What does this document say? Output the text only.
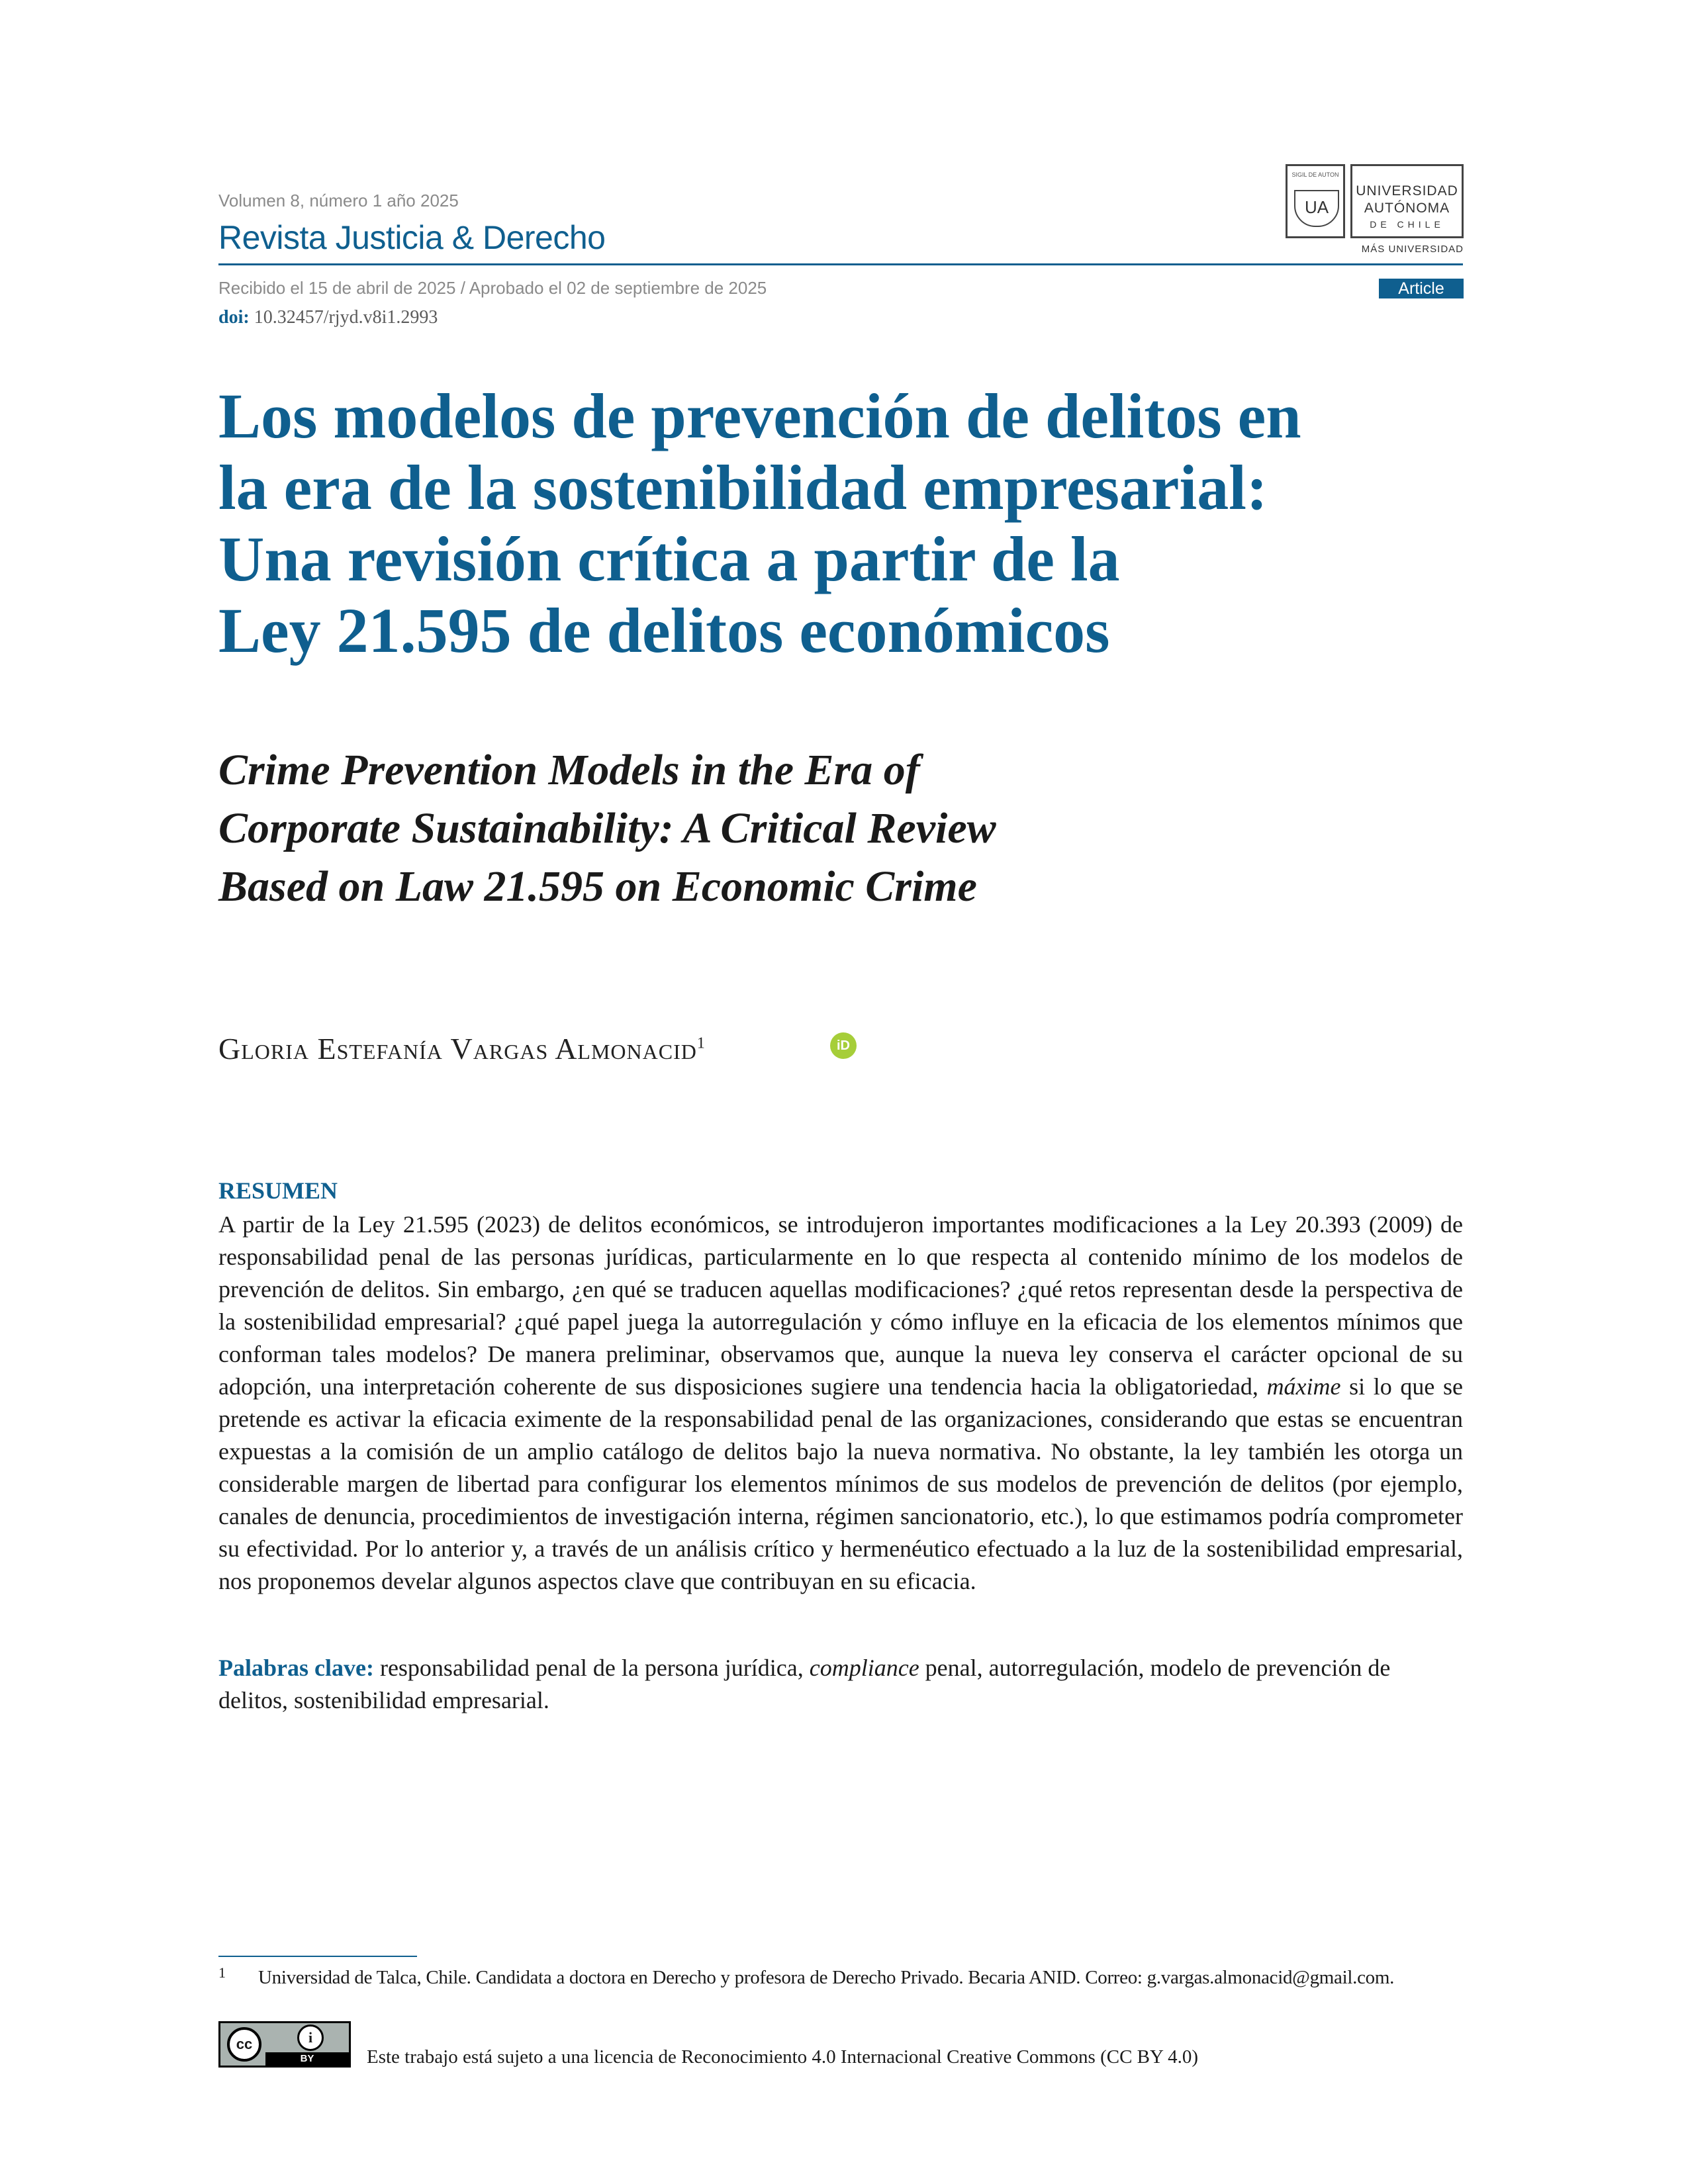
Volumen 8, número 1 año 2025
Revista Justicia & Derecho
Recibido el 15 de abril de 2025 / Aprobado el 02 de septiembre de 2025
doi: 10.32457/rjyd.v8i1.2993
Article
SIGIL DE AUTON
UA
UNIVERSIDAD
AUTÓNOMA
DE CHILE
MÁS UNIVERSIDAD
Los modelos de prevención de delitos en
la era de la sostenibilidad empresarial:
Una revisión crítica a partir de la
Ley 21.595 de delitos económicos
Crime Prevention Models in the Era of
Corporate Sustainability: A Critical Review
Based on Law 21.595 on Economic Crime
Gloria Estefanía Vargas Almonacid$^1$	iD
RESUMEN
A partir de la Ley 21.595 (2023) de delitos económicos, se introdujeron importantes modificaciones a la Ley 20.393 (2009) de responsabilidad penal de las personas jurídicas, particularmente en lo que respecta al contenido mínimo de los modelos de prevención de delitos. Sin embargo, ¿en qué se traducen aquellas modificaciones? ¿qué retos representan desde la perspectiva de la sostenibilidad empresarial? ¿qué papel juega la autorregulación y cómo influye en la eficacia de los elementos mínimos que conforman tales modelos? De manera preliminar, observamos que, aunque la nueva ley conserva el carácter opcional de su adopción, una interpretación coherente de sus disposiciones sugiere una tendencia hacia la obligatoriedad, máxime si lo que se pretende es activar la eficacia eximente de la responsabilidad penal de las organizaciones, considerando que estas se encuentran expuestas a la comisión de un amplio catálogo de delitos bajo la nueva normativa. No obstante, la ley también les otorga un considerable margen de libertad para configurar los elementos mínimos de sus modelos de prevención de delitos (por ejemplo, canales de denuncia, procedimientos de investigación interna, régimen sancionatorio, etc.), lo que estimamos podría comprometer su efectividad. Por lo anterior y, a través de un análisis crítico y hermenéutico efectuado a la luz de la sostenibilidad empresarial, nos proponemos develar algunos aspectos clave que contribuyan en su eficacia.
Palabras clave: responsabilidad penal de la persona jurídica, compliance penal, autorregulación, modelo de prevención de delitos, sostenibilidad empresarial.
1 Universidad de Talca, Chile. Candidata a doctora en Derecho y profesora de Derecho Privado. Becaria ANID. Correo: g.vargas.almonacid@gmail.com.
cc	i
BY	Este trabajo está sujeto a una licencia de Reconocimiento 4.0 Internacional Creative Commons (CC BY 4.0)
